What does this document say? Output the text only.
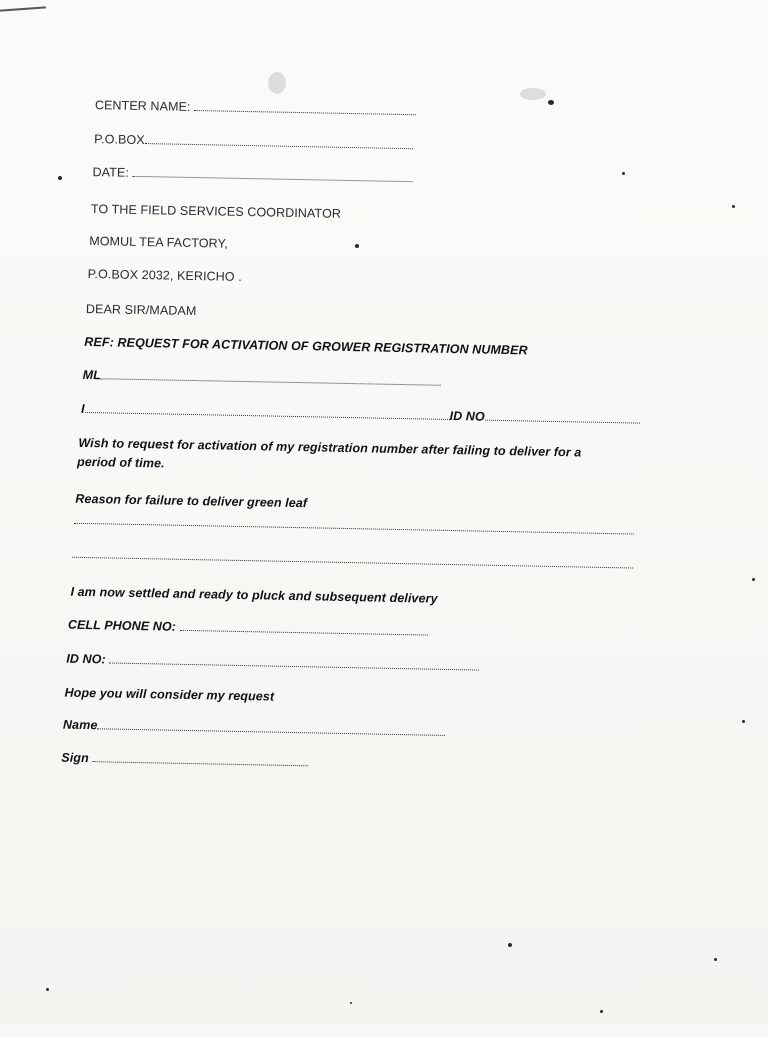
CENTER NAME:
P.O.BOX
DATE:
TO THE FIELD SERVICES COORDINATOR
MOMUL TEA FACTORY,
P.O.BOX 2032, KERICHO .
DEAR SIR/MADAM
REF: REQUEST FOR ACTIVATION OF GROWER REGISTRATION NUMBER
ML
IID NO
Wish to request for activation of my registration number after failing to deliver for a
period of time.
Reason for failure to deliver green leaf
I am now settled and ready to pluck and subsequent delivery
CELL PHONE NO:
ID NO:
Hope you will consider my request
Name
Sign
